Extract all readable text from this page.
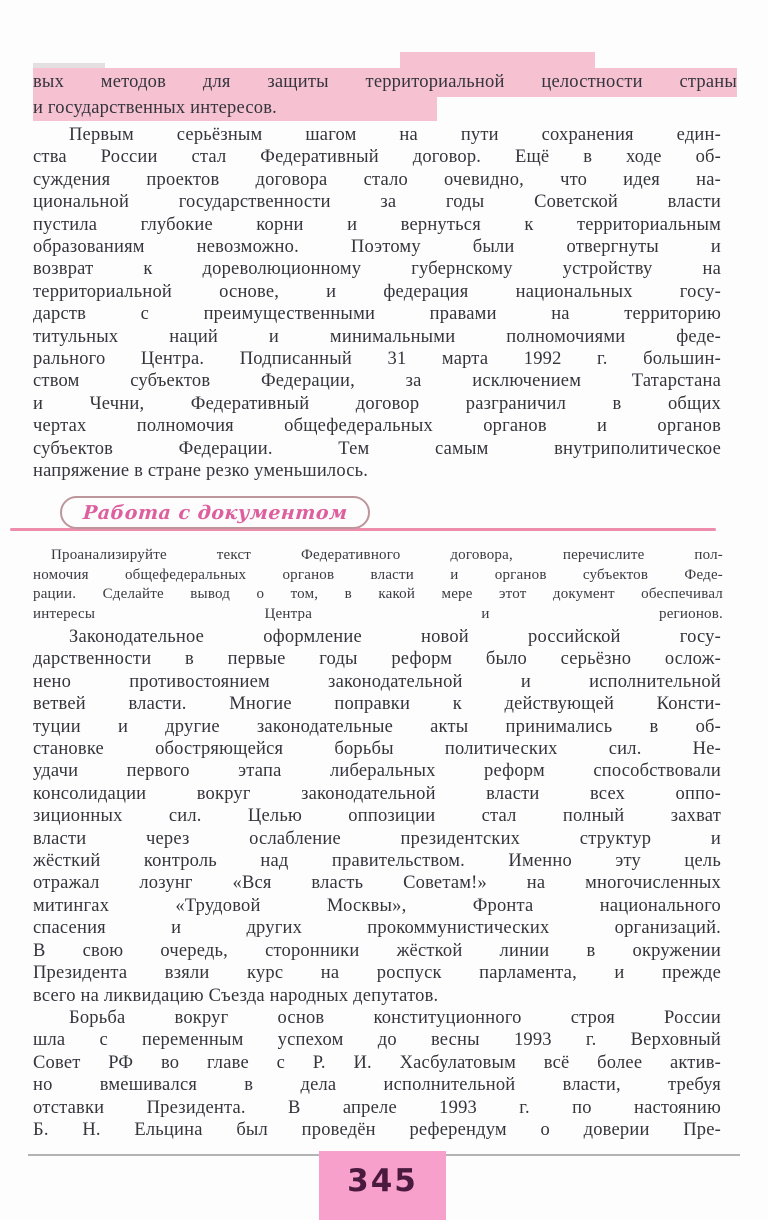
вых методов для защиты территориальной целостности страны
и государственных интересов.
Первым серьёзным шагом на пути сохранения един-
ства России стал Федеративный договор. Ещё в ходе об-
суждения проектов договора стало очевидно, что идея на-
циональной государственности за годы Советской власти
пустила глубокие корни и вернуться к территориальным
образованиям невозможно. Поэтому были отвергнуты и
возврат к дореволюционному губернскому устройству на
территориальной основе, и федерация национальных госу-
дарств с преимущественными правами на территорию
титульных наций и минимальными полномочиями феде-
рального Центра. Подписанный 31 марта 1992 г. большин-
ством субъектов Федерации, за исключением Татарстана
и Чечни, Федеративный договор разграничил в общих
чертах полномочия общефедеральных органов и органов
субъектов Федерации. Тем самым внутриполитическое
напряжение в стране резко уменьшилось.
Работа с документом
Проанализируйте текст Федеративного договора, перечислите пол-
номочия общефедеральных органов власти и органов субъектов Феде-
рации. Сделайте вывод о том, в какой мере этот документ обеспечивал
интересы Центра и регионов.
Законодательное оформление новой российской госу-
дарственности в первые годы реформ было серьёзно ослож-
нено противостоянием законодательной и исполнительной
ветвей власти. Многие поправки к действующей Консти-
туции и другие законодательные акты принимались в об-
становке обостряющейся борьбы политических сил. Не-
удачи первого этапа либеральных реформ способствовали
консолидации вокруг законодательной власти всех оппо-
зиционных сил. Целью оппозиции стал полный захват
власти через ослабление президентских структур и
жёсткий контроль над правительством. Именно эту цель
отражал лозунг «Вся власть Советам!» на многочисленных
митингах «Трудовой Москвы», Фронта национального
спасения и других прокоммунистических организаций.
В свою очередь, сторонники жёсткой линии в окружении
Президента взяли курс на роспуск парламента, и прежде
всего на ликвидацию Съезда народных депутатов.
Борьба вокруг основ конституционного строя России
шла с переменным успехом до весны 1993 г. Верховный
Совет РФ во главе с Р. И. Хасбулатовым всё более актив-
но вмешивался в дела исполнительной власти, требуя
отставки Президента. В апреле 1993 г. по настоянию
Б. Н. Ельцина был проведён референдум о доверии Пре-
345
